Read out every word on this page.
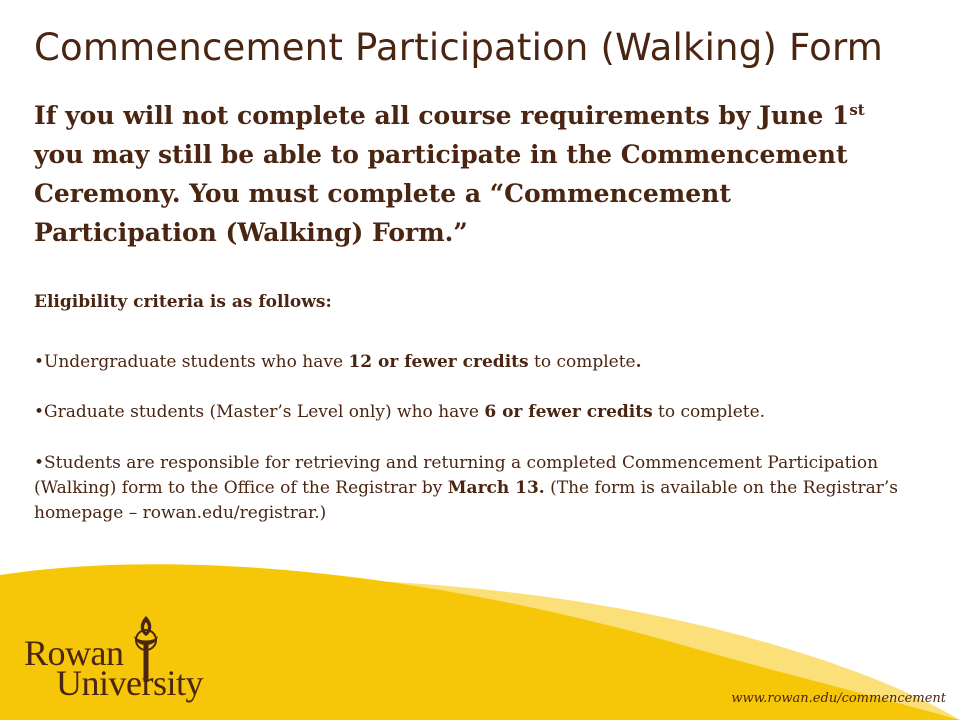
Commencement Participation (Walking) Form
If you will not complete all course requirements by June 1st you may still be able to participate in the Commencement Ceremony. You must complete a “Commencement Participation (Walking) Form.”
Eligibility criteria is as follows:
•Undergraduate students who have 12 or fewer credits to complete.
•Graduate students (Master’s Level only) who have 6 or fewer credits to complete.
•Students are responsible for retrieving and returning a completed Commencement Participation (Walking) form to the Office of the Registrar by March 13. (The form is available on the Registrar’s homepage – rowan.edu/registrar.)
Rowan
University	www.rowan.edu/commencement
